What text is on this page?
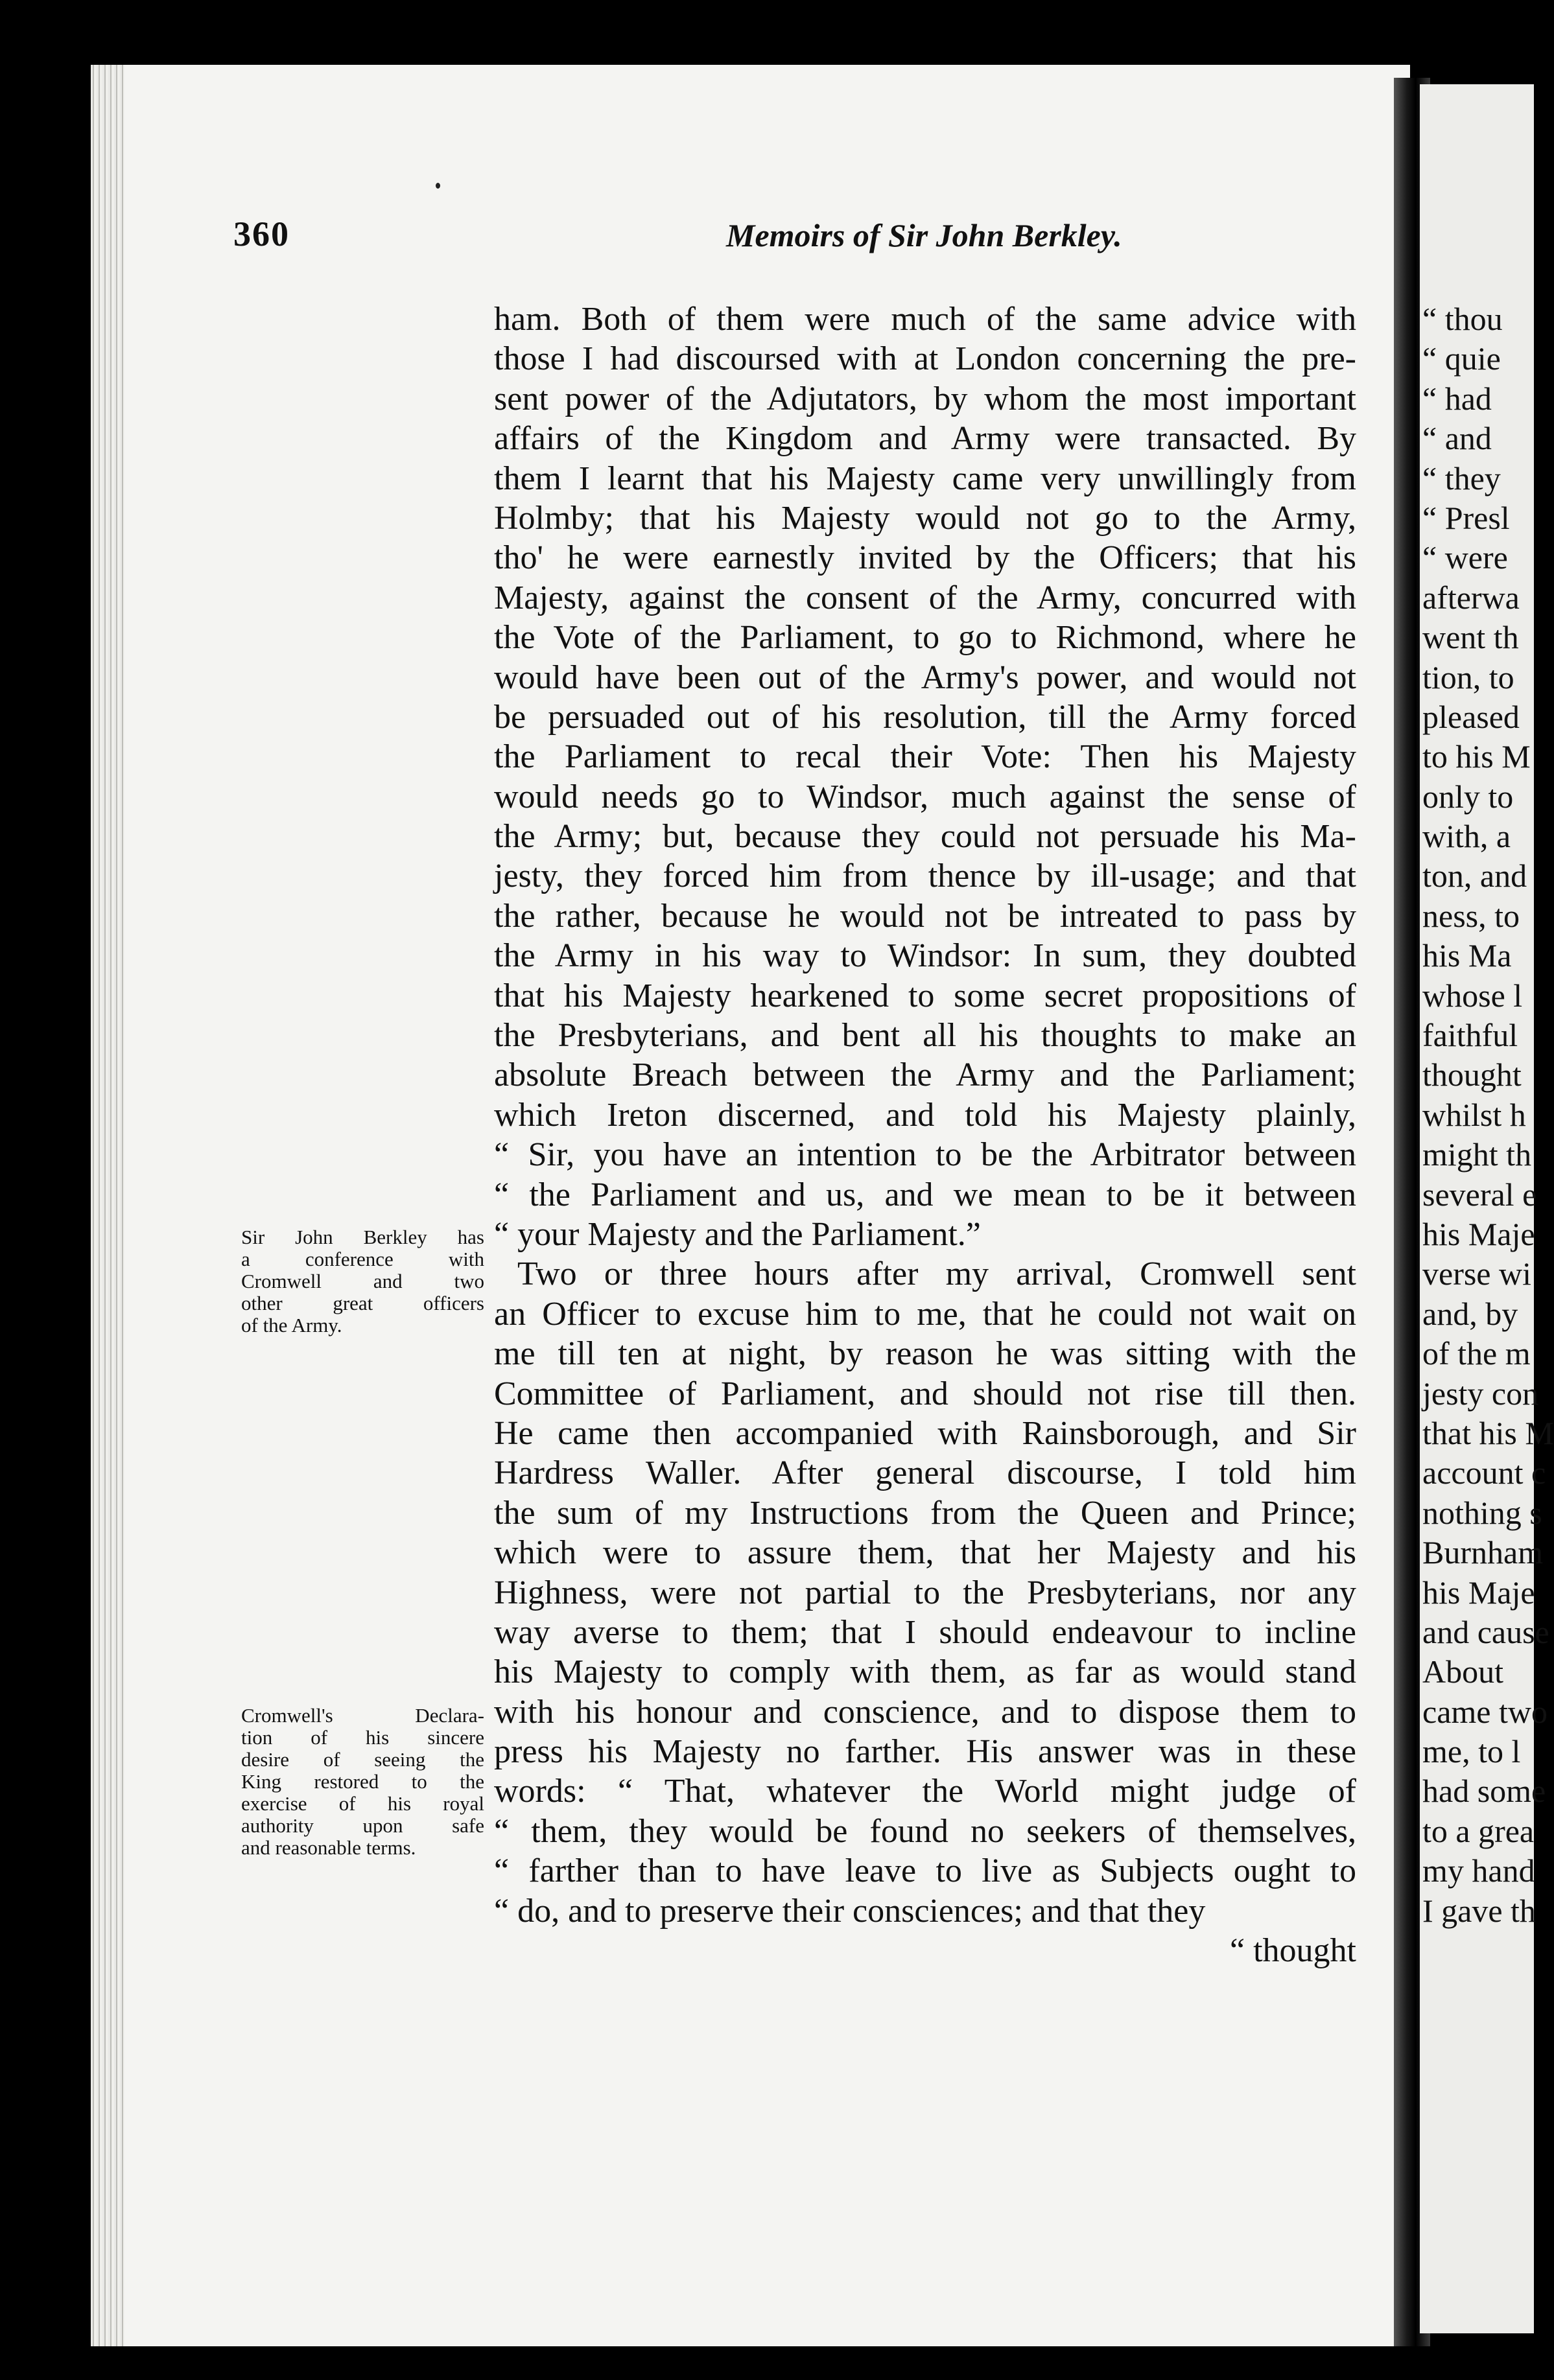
360	Memoirs of Sir John Berkley.
ham. Both of them were much of the same advice with
those I had discoursed with at London concerning the pre-
sent power of the Adjutators, by whom the most important
affairs of the Kingdom and Army were transacted. By
them I learnt that his Majesty came very unwillingly from
Holmby; that his Majesty would not go to the Army,
tho' he were earnestly invited by the Officers; that his
Majesty, against the consent of the Army, concurred with
the Vote of the Parliament, to go to Richmond, where he
would have been out of the Army's power, and would not
be persuaded out of his resolution, till the Army forced
the Parliament to recal their Vote: Then his Majesty
would needs go to Windsor, much against the sense of
the Army; but, because they could not persuade his Ma-
jesty, they forced him from thence by ill-usage; and that
the rather, because he would not be intreated to pass by
the Army in his way to Windsor: In sum, they doubted
that his Majesty hearkened to some secret propositions of
the Presbyterians, and bent all his thoughts to make an
absolute Breach between the Army and the Parliament;
which Ireton discerned, and told his Majesty plainly,
“ Sir, you have an intention to be the Arbitrator between
“ the Parliament and us, and we mean to be it between
“ your Majesty and the Parliament.”
Two or three hours after my arrival, Cromwell sent
an Officer to excuse him to me, that he could not wait on
me till ten at night, by reason he was sitting with the
Committee of Parliament, and should not rise till then.
He came then accompanied with Rainsborough, and Sir
Hardress Waller. After general discourse, I told him
the sum of my Instructions from the Queen and Prince;
which were to assure them, that her Majesty and his
Highness, were not partial to the Presbyterians, nor any
way averse to them; that I should endeavour to incline
his Majesty to comply with them, as far as would stand
with his honour and conscience, and to dispose them to
press his Majesty no farther. His answer was in these
words: “ That, whatever the World might judge of
“ them, they would be found no seekers of themselves,
“ farther than to have leave to live as Subjects ought to
“ do, and to preserve their consciences; and that they
“ thought
Sir John Berkley has
a conference with
Cromwell and two
other great officers
of the Army.
Cromwell's Declara-
tion of his sincere
desire of seeing the
King restored to the
exercise of his royal
authority upon safe
and reasonable terms.
“ thou
“ quie
“ had
“ and
“ they
“ Presl
“ were
afterwa
went th
tion, to
pleased
to his M
only to
with, a
ton, and
ness, to
his Ma
whose l
faithful
thought
whilst h
might th
several e
his Maje
verse wi
and, by
of the m
jesty con
that his M
account c
nothing s
Burnham
his Maje
and cause
About
came two
me, to l
had some
to a grea
my hand
I gave th
